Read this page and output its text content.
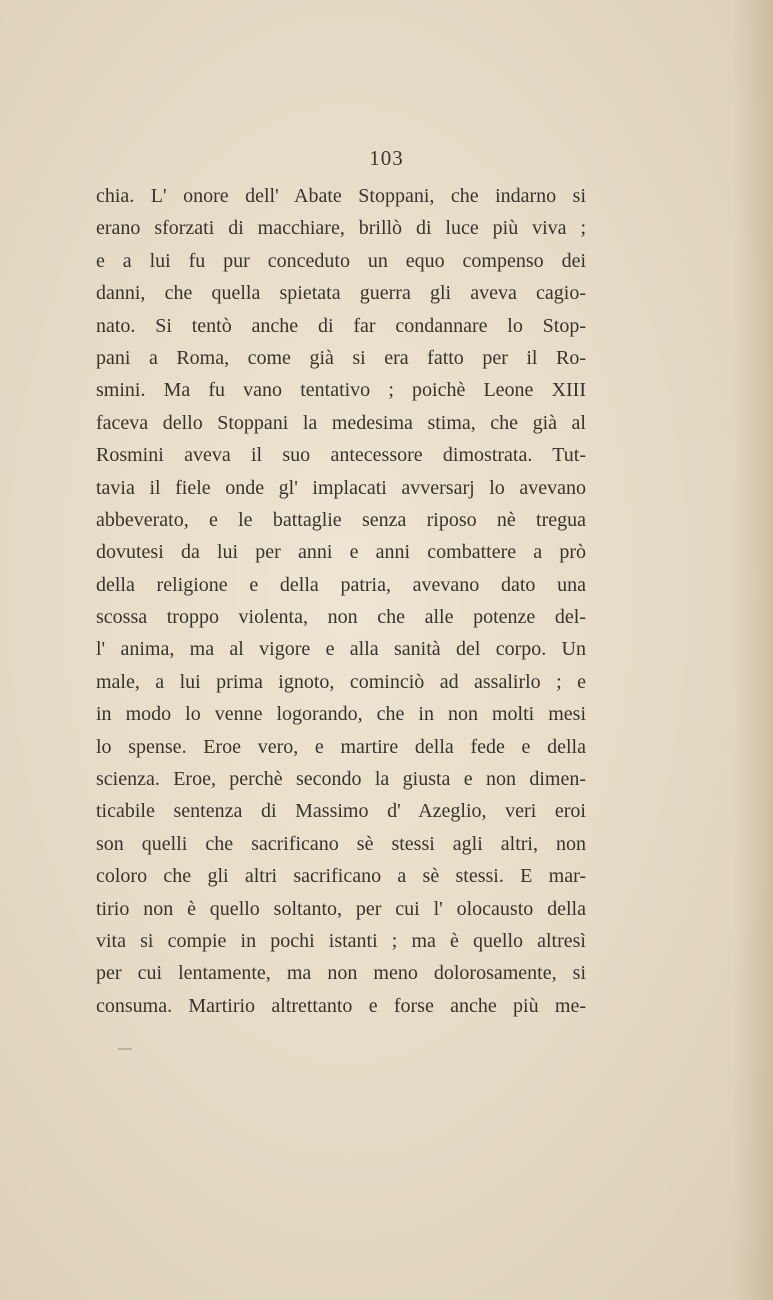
103
chia. L' onore dell' Abate Stoppani, che indarno si
erano sforzati di macchiare, brillò di luce più viva ;
e a lui fu pur conceduto un equo compenso dei
danni, che quella spietata guerra gli aveva cagio-
nato. Si tentò anche di far condannare lo Stop-
pani a Roma, come già si era fatto per il Ro-
smini. Ma fu vano tentativo ; poichè Leone XIII
faceva dello Stoppani la medesima stima, che già al
Rosmini aveva il suo antecessore dimostrata. Tut-
tavia il fiele onde gl' implacati avversarj lo avevano
abbeverato, e le battaglie senza riposo nè tregua
dovutesi da lui per anni e anni combattere a prò
della religione e della patria, avevano dato una
scossa troppo violenta, non che alle potenze del-
l' anima, ma al vigore e alla sanità del corpo. Un
male, a lui prima ignoto, cominciò ad assalirlo ; e
in modo lo venne logorando, che in non molti mesi
lo spense. Eroe vero, e martire della fede e della
scienza. Eroe, perchè secondo la giusta e non dimen-
ticabile sentenza di Massimo d' Azeglio, veri eroi
son quelli che sacrificano sè stessi agli altri, non
coloro che gli altri sacrificano a sè stessi. E mar-
tirio non è quello soltanto, per cui l' olocausto della
vita si compie in pochi istanti ; ma è quello altresì
per cui lentamente, ma non meno dolorosamente, si
consuma. Martirio altrettanto e forse anche più me-
